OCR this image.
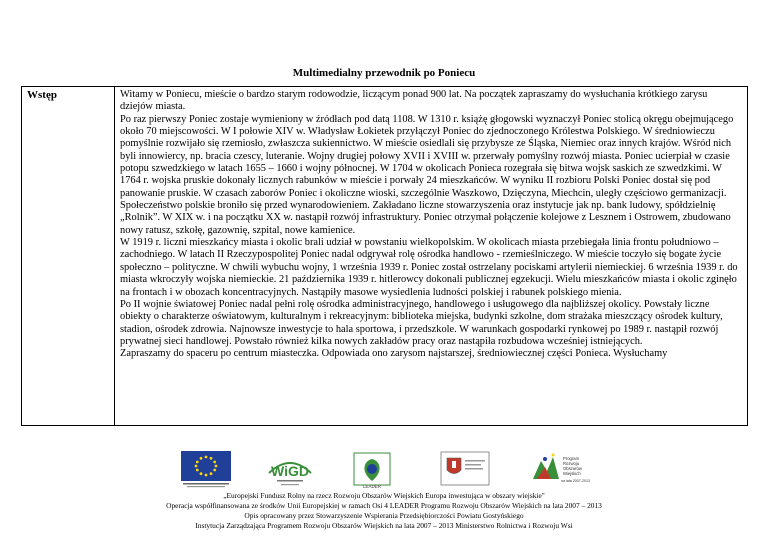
Multimedialny przewodnik po Poniecu
Wstęp	Witamy w Poniecu, mieście o bardzo starym rodowodzie, liczącym ponad 900 lat. Na początek zapraszamy do wysłuchania krótkiego zarysu dziejów miasta.
Po raz pierwszy Poniec zostaje wymieniony w źródłach pod datą 1108. W 1310 r. książę głogowski wyznaczył Poniec stolicą okręgu obejmującego około 70 miejscowości. W I połowie XIV w. Władysław Łokietek przyłączył Poniec do zjednoczonego Królestwa Polskiego. W średniowieczu pomyślnie rozwijało się rzemiosło, zwłaszcza sukiennictwo. W mieście osiedlali się przybysze ze Śląska, Niemiec oraz innych krajów. Wśród nich byli innowiercy, np. bracia czescy, luteranie. Wojny drugiej połowy XVII i XVIII w. przerwały pomyślny rozwój miasta. Poniec ucierpiał w czasie potopu szwedzkiego w latach 1655 – 1660 i wojny północnej. W 1704 w okolicach Ponieca rozegrała się bitwa wojsk saskich ze szwedzkimi. W 1764 r. wojska pruskie dokonały licznych rabunków w mieście i porwały 24 mieszkańców. W wyniku II rozbioru Polski Poniec dostał się pod panowanie pruskie. W czasach zaborów Poniec i okoliczne wioski, szczególnie Waszkowo, Dzięczyna, Miechcin, uległy częściowo germanizacji. Społeczeństwo polskie broniło się przed wynarodowieniem. Zakładano liczne stowarzyszenia oraz instytucje jak np. bank ludowy, spółdzielnię „Rolnik”. W XIX w. i na początku XX w. nastąpił rozwój infrastruktury. Poniec otrzymał połączenie kolejowe z Lesznem i Ostrowem, zbudowano nowy ratusz, szkołę, gazownię, szpital, nowe kamienice.
W 1919 r. liczni mieszkańcy miasta i okolic brali udział w powstaniu wielkopolskim. W okolicach miasta przebiegała linia frontu południowo – zachodniego. W latach II Rzeczypospolitej Poniec nadal odgrywał rolę ośrodka handlowo - rzemieślniczego. W mieście toczyło się bogate życie społeczno – polityczne. W chwili wybuchu wojny, 1 września 1939 r. Poniec został ostrzelany pociskami artylerii niemieckiej. 6 września 1939 r. do miasta wkroczyły wojska niemieckie. 21 października 1939 r. hitlerowcy dokonali publicznej egzekucji. Wielu mieszkańców miasta i okolic zginęło na frontach i w obozach koncentracyjnych. Nastąpiły masowe wysiedlenia ludności polskiej i rabunek polskiego mienia.
Po II wojnie światowej Poniec nadal pełni rolę ośrodka administracyjnego, handlowego i usługowego dla najbliższej okolicy. Powstały liczne obiekty o charakterze oświatowym, kulturalnym i rekreacyjnym: biblioteka miejska, budynki szkolne, dom strażaka mieszczący ośrodek kultury, stadion, ośrodek zdrowia. Najnowsze inwestycje to hala sportowa, i przedszkole. W warunkach gospodarki rynkowej po 1989 r. nastąpił rozwój prywatnej sieci handlowej. Powstało również kilka nowych zakładów pracy oraz nastąpiła rozbudowa wcześniej istniejących.
Zapraszamy do spaceru po centrum miasteczka. Odpowiada ono zarysom najstarszej, średniowiecznej części Ponieca. Wysłuchamy
WiGD
LEADER
Program
Rozwoju
Obszarów
Wiejskich
na lata 2007-2013
„Europejski Fundusz Rolny na rzecz Rozwoju Obszarów Wiejskich Europa inwestująca w obszary wiejskie"
Operacja współfinansowana ze środków Unii Europejskiej w ramach Osi 4 LEADER Programu Rozwoju Obszarów Wiejskich na lata 2007 – 2013
Opis opracowany przez Stowarzyszenie Wspierania Przedsiębiorczości Powiatu Gostyńskiego
Instytucja Zarządzająca Programem Rozwoju Obszarów Wiejskich na lata 2007 – 2013 Ministerstwo Rolnictwa i Rozwoju Wsi
